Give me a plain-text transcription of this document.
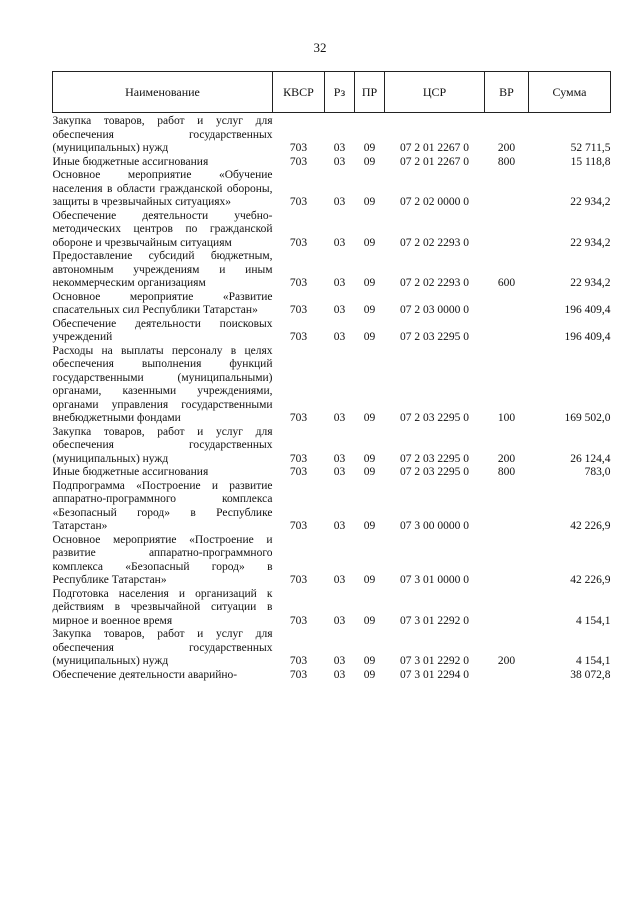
32
Наименование	КВСР	Рз	ПР	ЦСР	ВР	Сумма
Закупка товаров, работ и услуг для обеспечения государственных (муниципальных) нужд	703	03	09	07 2 01 2267 0	200	52 711,5
Иные бюджетные ассигнования	703	03	09	07 2 01 2267 0	800	15 118,8
Основное мероприятие «Обучение населения в области гражданской обороны, защиты в чрезвычайных ситуациях»	703	03	09	07 2 02 0000 0		22 934,2
Обеспечение деятельности учебно-методических центров по гражданской обороне и чрезвычайным ситуациям	703	03	09	07 2 02 2293 0		22 934,2
Предоставление субсидий бюджетным, автономным учреждениям и иным некоммерческим организациям	703	03	09	07 2 02 2293 0	600	22 934,2
Основное мероприятие «Развитие спасательных сил Республики Татарстан»	703	03	09	07 2 03 0000 0		196 409,4
Обеспечение деятельности поисковых учреждений	703	03	09	07 2 03 2295 0		196 409,4
Расходы на выплаты персоналу в целях обеспечения выполнения функций государственными (муниципальными) органами, казенными учреждениями, органами управления государственными внебюджетными фондами	703	03	09	07 2 03 2295 0	100	169 502,0
Закупка товаров, работ и услуг для обеспечения государственных (муниципальных) нужд	703	03	09	07 2 03 2295 0	200	26 124,4
Иные бюджетные ассигнования	703	03	09	07 2 03 2295 0	800	783,0
Подпрограмма «Построение и развитие аппаратно-программного комплекса «Безопасный город» в Республике Татарстан»	703	03	09	07 3 00 0000 0		42 226,9
Основное мероприятие «Построение и развитие аппаратно-программного комплекса «Безопасный город» в Республике Татарстан»	703	03	09	07 3 01 0000 0		42 226,9
Подготовка населения и организаций к действиям в чрезвычайной ситуации в мирное и военное время	703	03	09	07 3 01 2292 0		4 154,1
Закупка товаров, работ и услуг для обеспечения государственных (муниципальных) нужд	703	03	09	07 3 01 2292 0	200	4 154,1
Обеспечение деятельности аварийно-	703	03	09	07 3 01 2294 0		38 072,8
